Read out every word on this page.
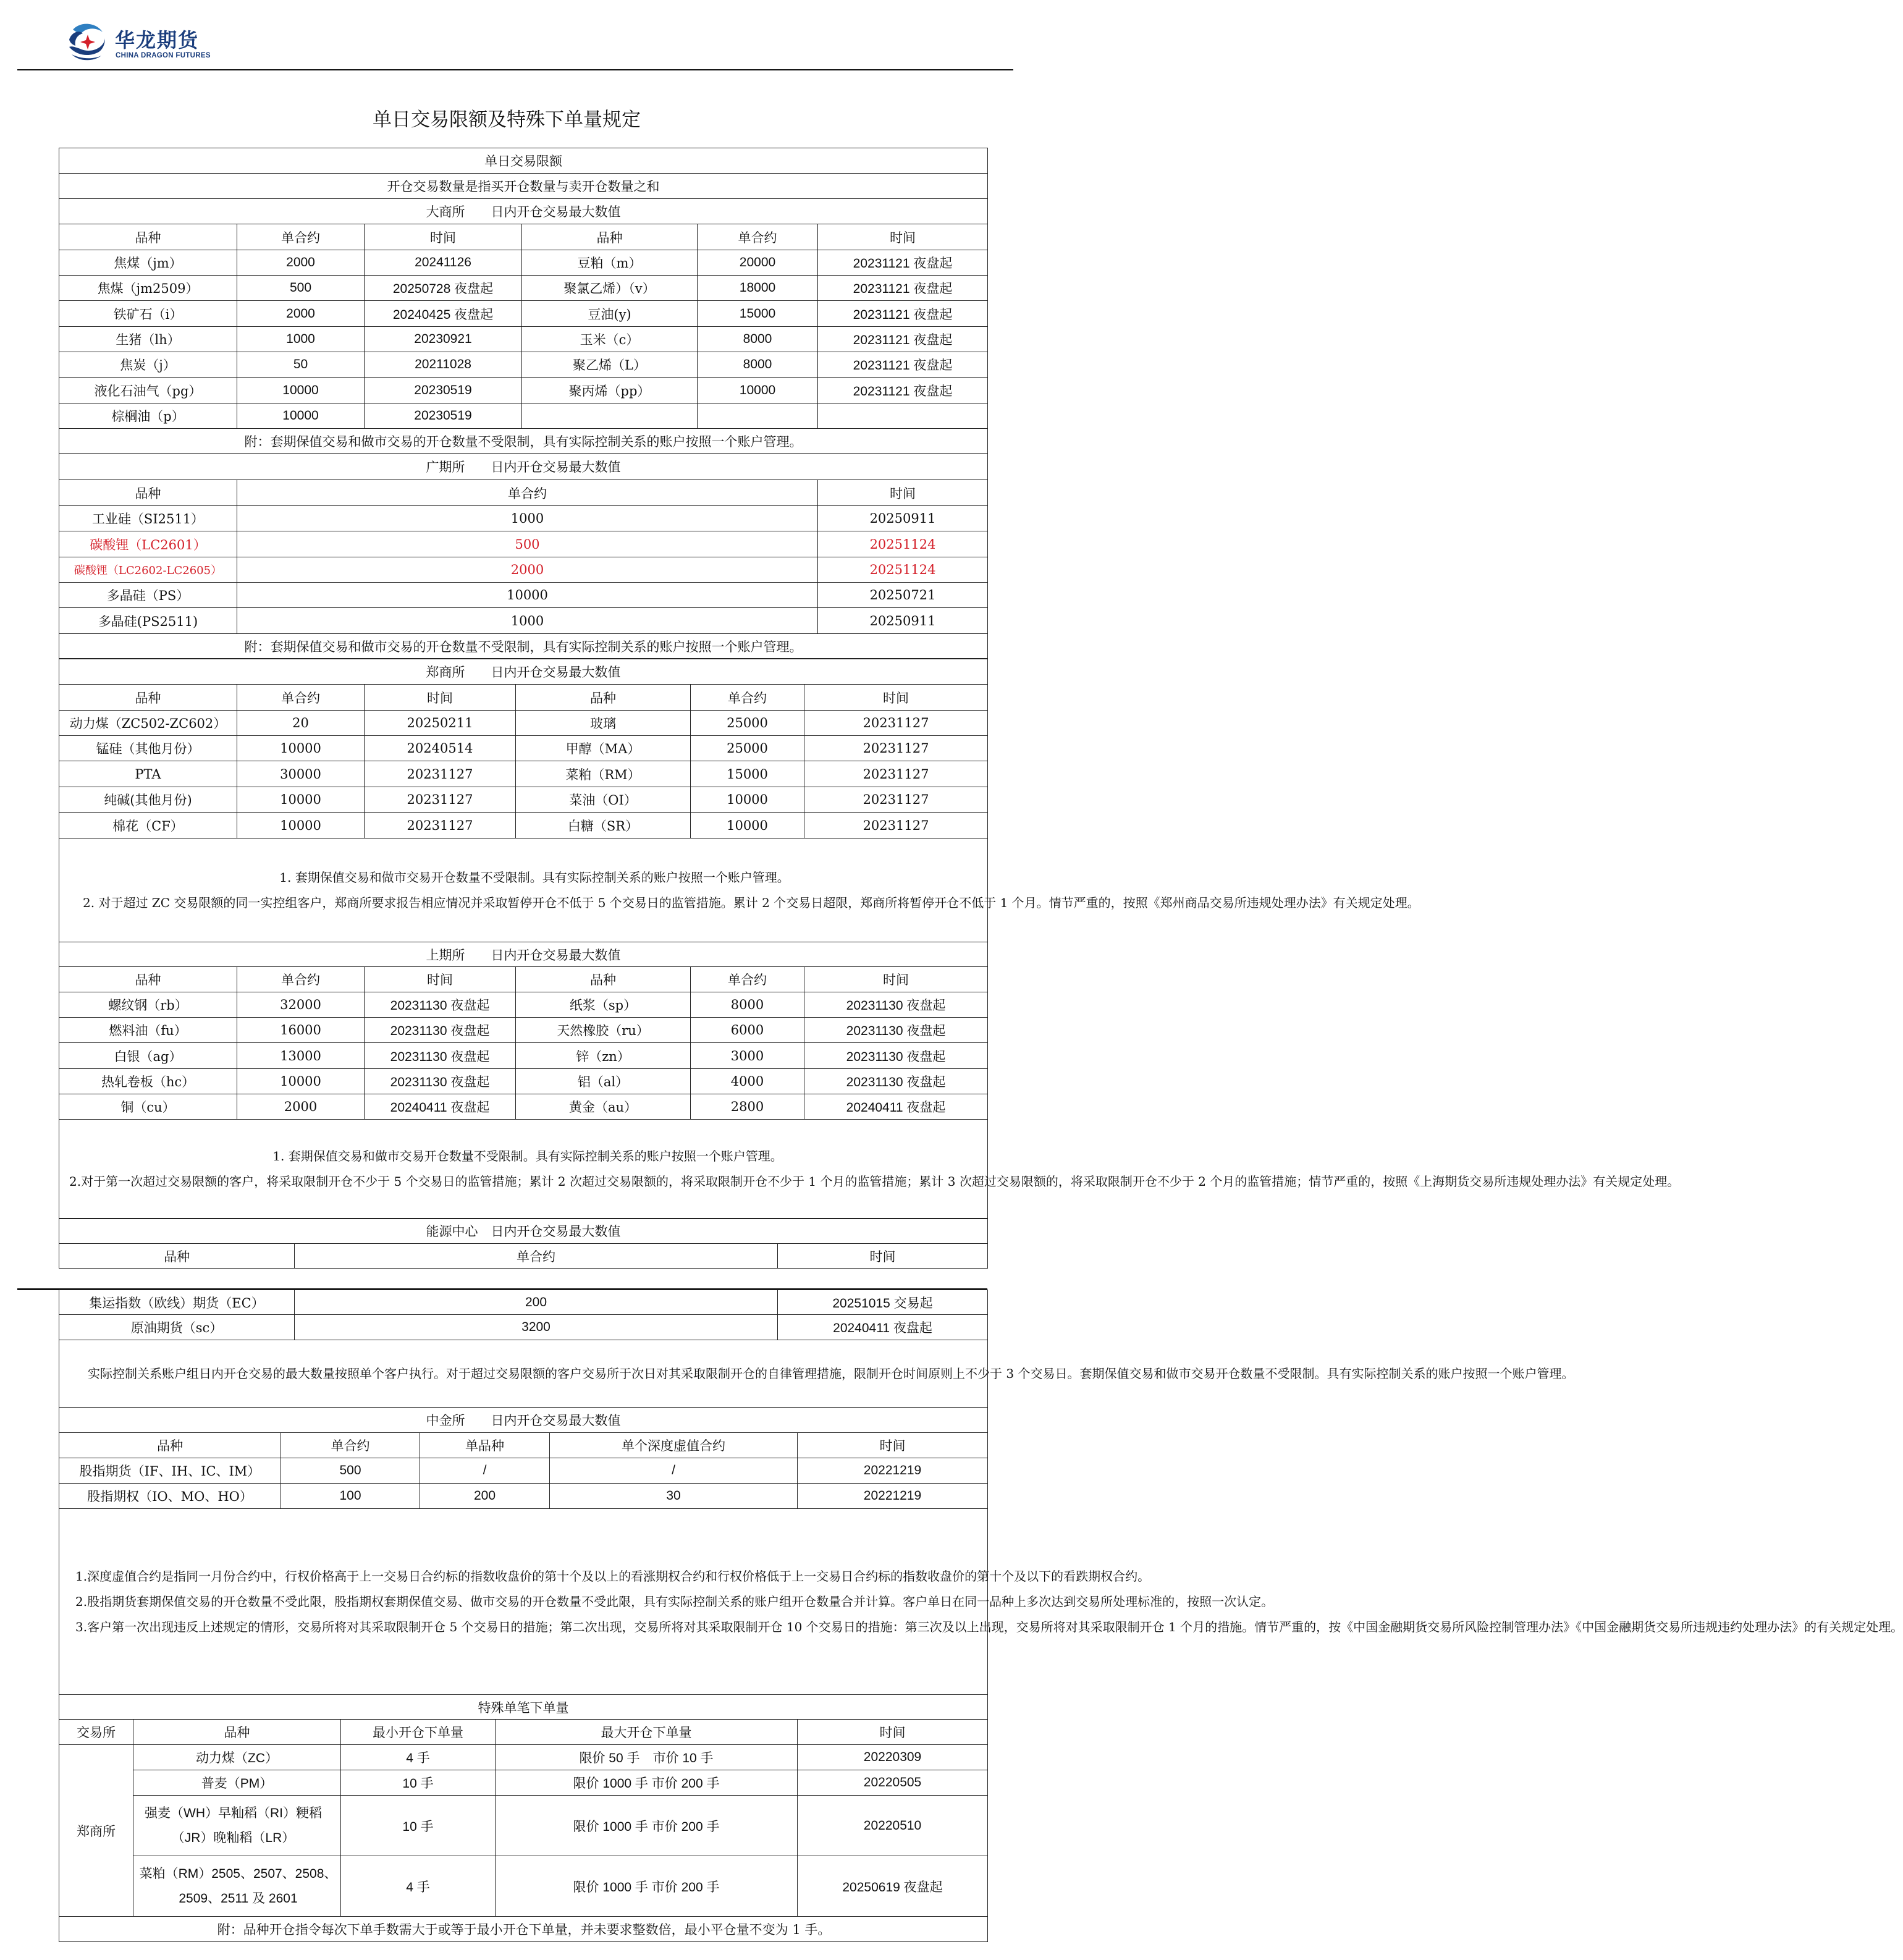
华龙期货
CHINA DRAGON FUTURES
单日交易限额及特殊下单量规定
单日交易限额					
开仓交易数量是指买开仓数量与卖开仓数量之和					
大商所　　日内开仓交易最大数值					
品种	单合约	时间	品种	单合约	时间
焦煤（jm）	2000	20241126	豆粕（m）	20000	20231121 夜盘起
焦煤（jm2509）	500	20250728 夜盘起	聚氯乙烯）（v）	18000	20231121 夜盘起
铁矿石（i）	2000	20240425 夜盘起	豆油(y)	15000	20231121 夜盘起
生猪（lh）	1000	20230921	玉米（c）	8000	20231121 夜盘起
焦炭（j）	50	20211028	聚乙烯（L）	8000	20231121 夜盘起
液化石油气（pg）	10000	20230519	聚丙烯（pp）	10000	20231121 夜盘起
棕榈油（p）	10000	20230519			
附：套期保值交易和做市交易的开仓数量不受限制，具有实际控制关系的账户按照一个账户管理。					
广期所　　日内开仓交易最大数值					
品种	单合约				时间
工业硅（SI2511）	1000				20250911
碳酸锂（LC2601）	500				20251124
碳酸锂（LC2602-LC2605）	2000				20251124
多晶硅（PS）	10000				20250721
多晶硅(PS2511)	1000				20250911
附：套期保值交易和做市交易的开仓数量不受限制，具有实际控制关系的账户按照一个账户管理。					
郑商所　　日内开仓交易最大数值					
品种	单合约	时间	品种	单合约	时间
动力煤（ZC502-ZC602）	20	20250211	玻璃	25000	20231127
锰硅（其他月份）	10000	20240514	甲醇（MA）	25000	20231127
PTA	30000	20231127	菜粕（RM）	15000	20231127
纯碱(其他月份)	10000	20231127	菜油（OI）	10000	20231127
棉花（CF）	10000	20231127	白糖（SR）	10000	20231127

1. 套期保值交易和做市交易开仓数量不受限制。具有实际控制关系的账户按照一个账户管理。

2. 对于超过 ZC 交易限额的同一实控组客户，郑商所要求报告相应情况并采取暂停开仓不低于 5 个交易日的监管措施。累计 2 个交易日超限，郑商所将暂停开仓不低于 1 个月。情节严重的，按照《郑州商品交易所违规处理办法》有关规定处理。					

上期所　　日内开仓交易最大数值					
品种	单合约	时间	品种	单合约	时间
螺纹钢（rb）	32000	20231130 夜盘起	纸浆（sp）	8000	20231130 夜盘起
燃料油（fu）	16000	20231130 夜盘起	天然橡胶（ru）	6000	20231130 夜盘起
白银（ag）	13000	20231130 夜盘起	锌（zn）	3000	20231130 夜盘起
热轧卷板（hc）	10000	20231130 夜盘起	铝（al）	4000	20231130 夜盘起
铜（cu）	2000	20240411 夜盘起	黄金（au）	2800	20240411 夜盘起

1. 套期保值交易和做市交易开仓数量不受限制。具有实际控制关系的账户按照一个账户管理。

2.对于第一次超过交易限额的客户，将采取限制开仓不少于 5 个交易日的监管措施；累计 2 次超过交易限额的，将采取限制开仓不少于 1 个月的监管措施；累计 3 次超过交易限额的，将采取限制开仓不少于 2 个月的监管措施；情节严重的，按照《上海期货交易所违规处理办法》有关规定处理。					

能源中心　日内开仓交易最大数值
品种	单合约	时间
集运指数（欧线）期货（EC）	200	20251015 交易起
原油期货（sc）	3200	20240411 夜盘起

实际控制关系账户组日内开仓交易的最大数量按照单个客户执行。对于超过交易限额的客户交易所于次日对其采取限制开仓的自律管理措施，限制开仓时间原则上不少于 3 个交易日。套期保值交易和做市交易开仓数量不受限制。具有实际控制关系的账户按照一个账户管理。		

中金所　　日内开仓交易最大数值				
品种	单合约	单品种	单个深度虚值合约	时间
股指期货（IF、IH、IC、IM）	500	/	/	20221219
股指期权（IO、MO、HO）	100	200	30	20221219

1.深度虚值合约是指同一月份合约中，行权价格高于上一交易日合约标的指数收盘价的第十个及以上的看涨期权合约和行权价格低于上一交易日合约标的指数收盘价的第十个及以下的看跌期权合约。

2.股指期货套期保值交易的开仓数量不受此限，股指期权套期保值交易、做市交易的开仓数量不受此限，具有实际控制关系的账户组开仓数量合并计算。客户单日在同一品种上多次达到交易所处理标准的，按照一次认定。

3.客户第一次出现违反上述规定的情形，交易所将对其采取限制开仓 5 个交易日的措施；第二次出现，交易所将对其采取限制开仓 10 个交易日的措施：第三次及以上出现，交易所将对其采取限制开仓 1 个月的措施。情节严重的，按《中国金融期货交易所风险控制管理办法》《中国金融期货交易所违规违约处理办法》的有关规定处理。				

特殊单笔下单量				
交易所	品种	最小开仓下单量	最大开仓下单量	时间
郑商所	动力煤（ZC）	4 手	限价 50 手　市价 10 手	20220309
	普麦（PM）	10 手	限价 1000 手 市价 200 手	20220505
	强麦（WH）早籼稻（RI）粳稻（JR）晚籼稻（LR）	10 手	限价 1000 手 市价 200 手	20220510
	菜粕（RM）2505、2507、2508、2509、2511 及 2601	4 手	限价 1000 手 市价 200 手	20250619 夜盘起
附：品种开仓指令每次下单手数需大于或等于最小开仓下单量，并未要求整数倍，最小平仓量不变为 1 手。				
